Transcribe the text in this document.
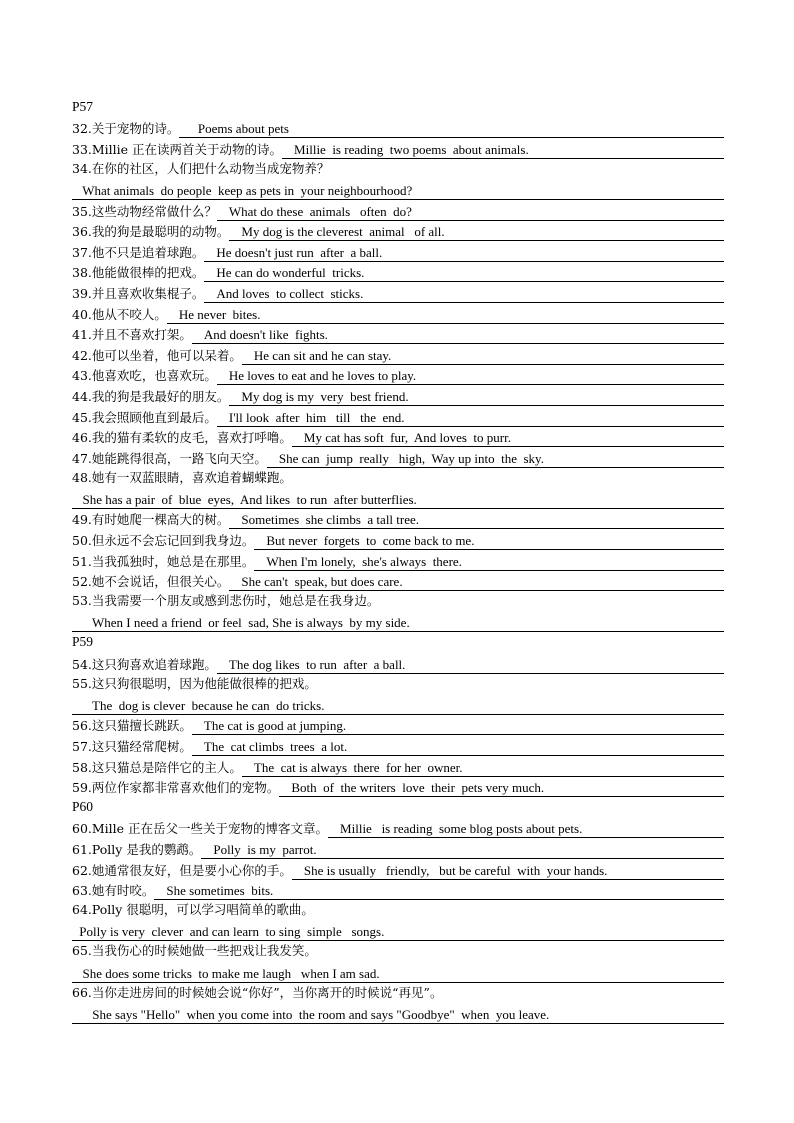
P57
32.关于宠物的诗。 Poems about pets
33.Millie 正在读两首关于动物的诗。 Millie  is reading  two poems  about animals.
34.在你的社区，人们把什么动物当成宠物养？
What animals  do people  keep as pets in  your neighbourhood?
35.这些动物经常做什么？ What do these  animals   often  do?
36.我的狗是最聪明的动物。 My dog is the cleverest  animal   of all.
37.他不只是追着球跑。 He doesn't just run  after  a ball.
38.他能做很棒的把戏。 He can do wonderful  tricks.
39.并且喜欢收集棍子。 And loves  to collect  sticks.
40.他从不咬人。 He never  bites.
41.并且不喜欢打架。 And doesn't like  fights.
42.他可以坐着，他可以呆着。 He can sit and he can stay.
43.他喜欢吃，也喜欢玩。 He loves to eat and he loves to play.
44.我的狗是我最好的朋友。 My dog is my  very  best friend.
45.我会照顾他直到最后。 I'll look  after  him   till   the  end.
46.我的猫有柔软的皮毛，喜欢打呼噜。 My cat has soft  fur,  And loves  to purr.
47.她能跳得很高，一路飞向天空。 She can  jump  really   high,  Way up into  the  sky.
48.她有一双蓝眼睛，喜欢追着蝴蝶跑。
She has a pair  of  blue  eyes,  And likes  to run  after butterflies.
49.有时她爬一棵高大的树。 Sometimes  she climbs  a tall tree.
50.但永远不会忘记回到我身边。 But never  forgets  to  come back to me.
51.当我孤独时，她总是在那里。 When I'm lonely,  she's always  there.
52.她不会说话，但很关心。 She can't  speak, but does care.
53.当我需要一个朋友或感到悲伤时，她总是在我身边。
When I need a friend  or feel  sad, She is always  by my side.
P59
54.这只狗喜欢追着球跑。 The dog likes  to run  after  a ball.
55.这只狗很聪明，因为他能做很棒的把戏。
The  dog is clever  because he can  do tricks.
56.这只猫擅长跳跃。 The cat is good at jumping.
57.这只猫经常爬树。 The  cat climbs  trees  a lot.
58.这只猫总是陪伴它的主人。 The  cat is always  there  for her  owner.
59.两位作家都非常喜欢他们的宠物。 Both  of  the writers  love  their  pets very much.
P60
60.Mille 正在岳父一些关于宠物的博客文章。 Millie   is reading  some blog posts about pets.
61.Polly 是我的鹦鹉。 Polly  is my  parrot.
62.她通常很友好，但是要小心你的手。 She is usually   friendly,   but be careful  with  your hands.
63.她有时咬。 She sometimes  bits.
64.Polly 很聪明，可以学习唱简单的歌曲。
Polly is very  clever  and can learn  to sing  simple   songs.
65.当我伤心的时候她做一些把戏让我发笑。
She does some tricks  to make me laugh   when I am sad.
66.当你走进房间的时候她会说“你好”，当你离开的时候说“再见”。
She says "Hello"  when you come into  the room and says "Goodbye"  when  you leave.
